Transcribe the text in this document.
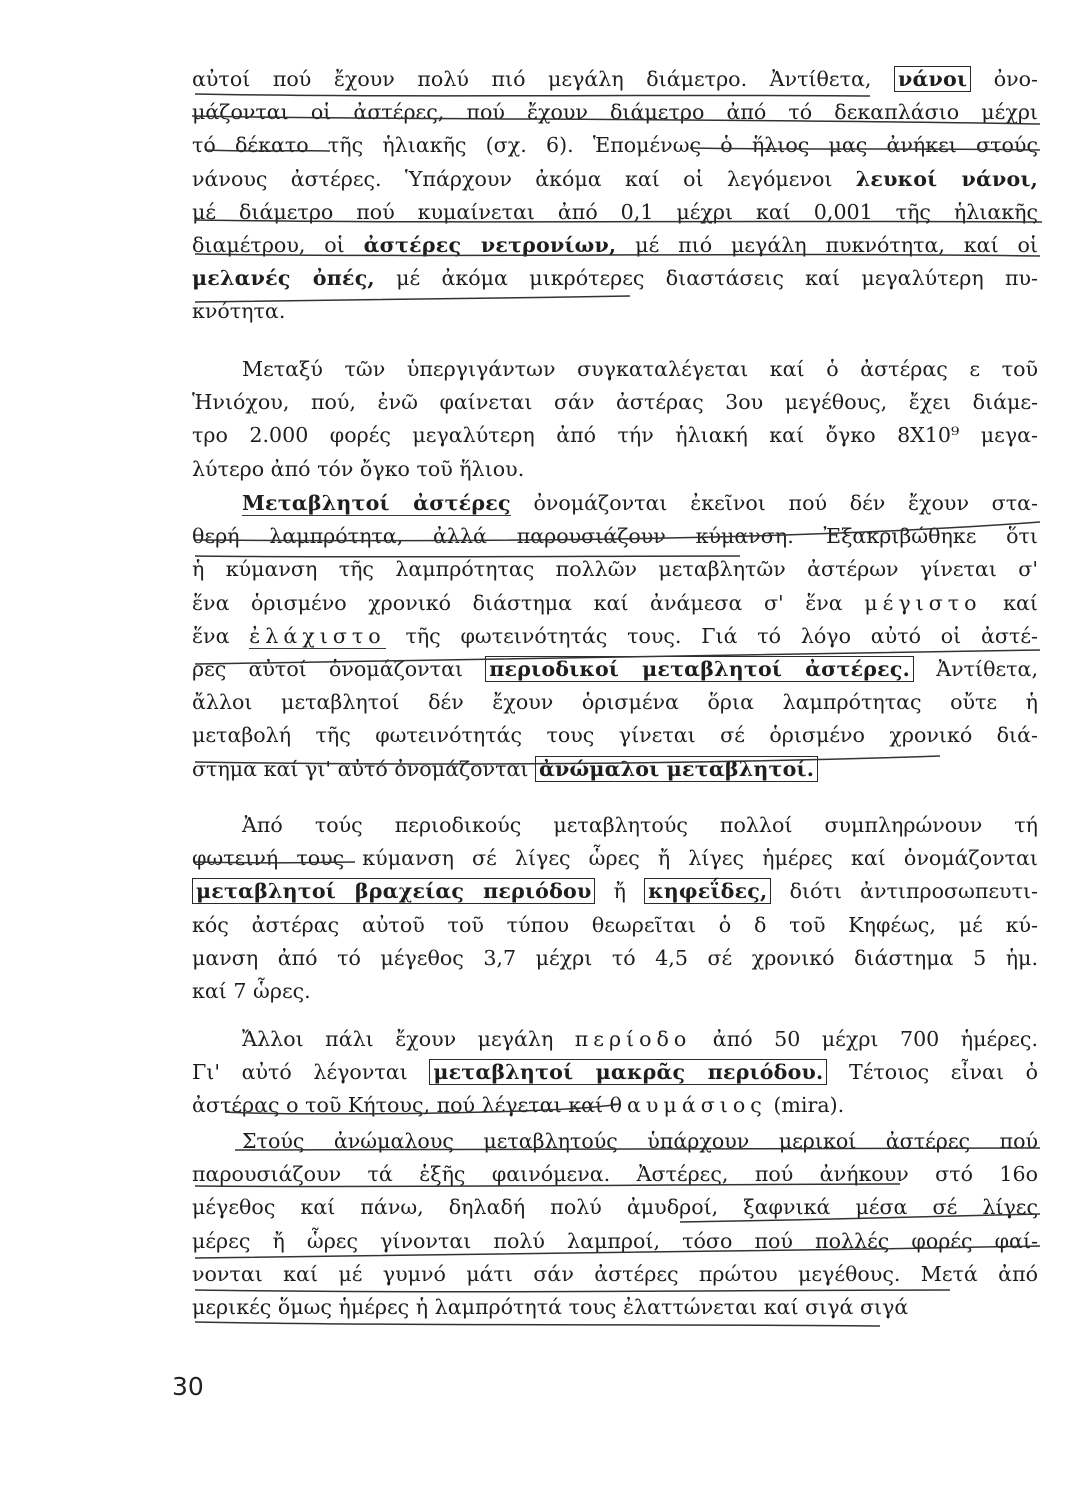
αὐτοί πού ἔχουν πολύ πιό μεγάλη διάμετρο. Ἀντίθετα, νάνοι ὀνο-
μάζονται οἱ ἀστέρες, πού ἔχουν διάμετρο ἀπό τό δεκαπλάσιο μέχρι
τό δέκατο τῆς ἡλιακῆς (σχ. 6). Ἑπομένως ὁ ἥλιος μας ἀνήκει στούς
νάνους ἀστέρες. Ὑπάρχουν ἀκόμα καί οἱ λεγόμενοι λευκοί νάνοι,
μέ διάμετρο πού κυμαίνεται ἀπό 0,1 μέχρι καί 0,001 τῆς ἡλιακῆς
διαμέτρου, οἱ ἀστέρες νετρονίων, μέ πιό μεγάλη πυκνότητα, καί οἱ
μελανές ὀπές, μέ ἀκόμα μικρότερες διαστάσεις καί μεγαλύτερη πυ-
κνότητα.
Μεταξύ τῶν ὑπεργιγάντων συγκαταλέγεται καί ὁ ἀστέρας ε τοῦ
Ἡνιόχου, πού, ἐνῶ φαίνεται σάν ἀστέρας 3ου μεγέθους, ἔχει διάμε-
τρο 2.000 φορές μεγαλύτερη ἀπό τήν ἡλιακή καί ὄγκο 8Χ10⁹ μεγα-
λύτερο ἀπό τόν ὄγκο τοῦ ἥλιου.
Μεταβλητοί ἀστέρες ὀνομάζονται ἐκεῖνοι πού δέν ἔχουν στα-
θερή λαμπρότητα, ἀλλά παρουσιάζουν κύμανση. Ἐξακριβώθηκε ὅτι
ἡ κύμανση τῆς λαμπρότητας πολλῶν μεταβλητῶν ἀστέρων γίνεται σ'
ἕνα ὁρισμένο χρονικό διάστημα καί ἀνάμεσα σ' ἕνα μέγιστο καί
ἕνα ἐλάχιστο τῆς φωτεινότητάς τους. Γιά τό λόγο αὐτό οἱ ἀστέ-
ρες αὐτοί ὀνομάζονται περιοδικοί μεταβλητοί ἀστέρες. Ἀντίθετα,
ἄλλοι μεταβλητοί δέν ἔχουν ὁρισμένα ὅρια λαμπρότητας οὔτε ἡ
μεταβολή τῆς φωτεινότητάς τους γίνεται σέ ὁρισμένο χρονικό διά-
στημα καί γι' αὐτό ὀνομάζονται ἀνώμαλοι μεταβλητοί.
Ἀπό τούς περιοδικούς μεταβλητούς πολλοί συμπληρώνουν τή
φωτεινή τους κύμανση σέ λίγες ὧρες ἤ λίγες ἡμέρες καί ὀνομάζονται
μεταβλητοί βραχείας περιόδου ἤ κηφεΐδες, διότι ἀντιπροσωπευτι-
κός ἀστέρας αὐτοῦ τοῦ τύπου θεωρεῖται ὁ δ τοῦ Κηφέως, μέ κύ-
μανση ἀπό τό μέγεθος 3,7 μέχρι τό 4,5 σέ χρονικό διάστημα 5 ἡμ.
καί 7 ὧρες.
Ἄλλοι πάλι ἔχουν μεγάλη περίοδο ἀπό 50 μέχρι 700 ἡμέρες.
Γι' αὐτό λέγονται μεταβλητοί μακρᾶς περιόδου. Τέτοιος εἶναι ὁ
ἀστέρας ο τοῦ Κήτους, πού λέγεται καί θαυμάσιος (mira).
Στούς ἀνώμαλους μεταβλητούς ὑπάρχουν μερικοί ἀστέρες πού
παρουσιάζουν τά ἑξῆς φαινόμενα. Ἀστέρες, πού ἀνήκουν στό 16ο
μέγεθος καί πάνω, δηλαδή πολύ ἀμυδροί, ξαφνικά μέσα σέ λίγες
μέρες ἤ ὧρες γίνονται πολύ λαμπροί, τόσο πού πολλές φορές φαί-
νονται καί μέ γυμνό μάτι σάν ἀστέρες πρώτου μεγέθους. Μετά ἀπό
μερικές ὅμως ἡμέρες ἡ λαμπρότητά τους ἐλαττώνεται καί σιγά σιγά
30
